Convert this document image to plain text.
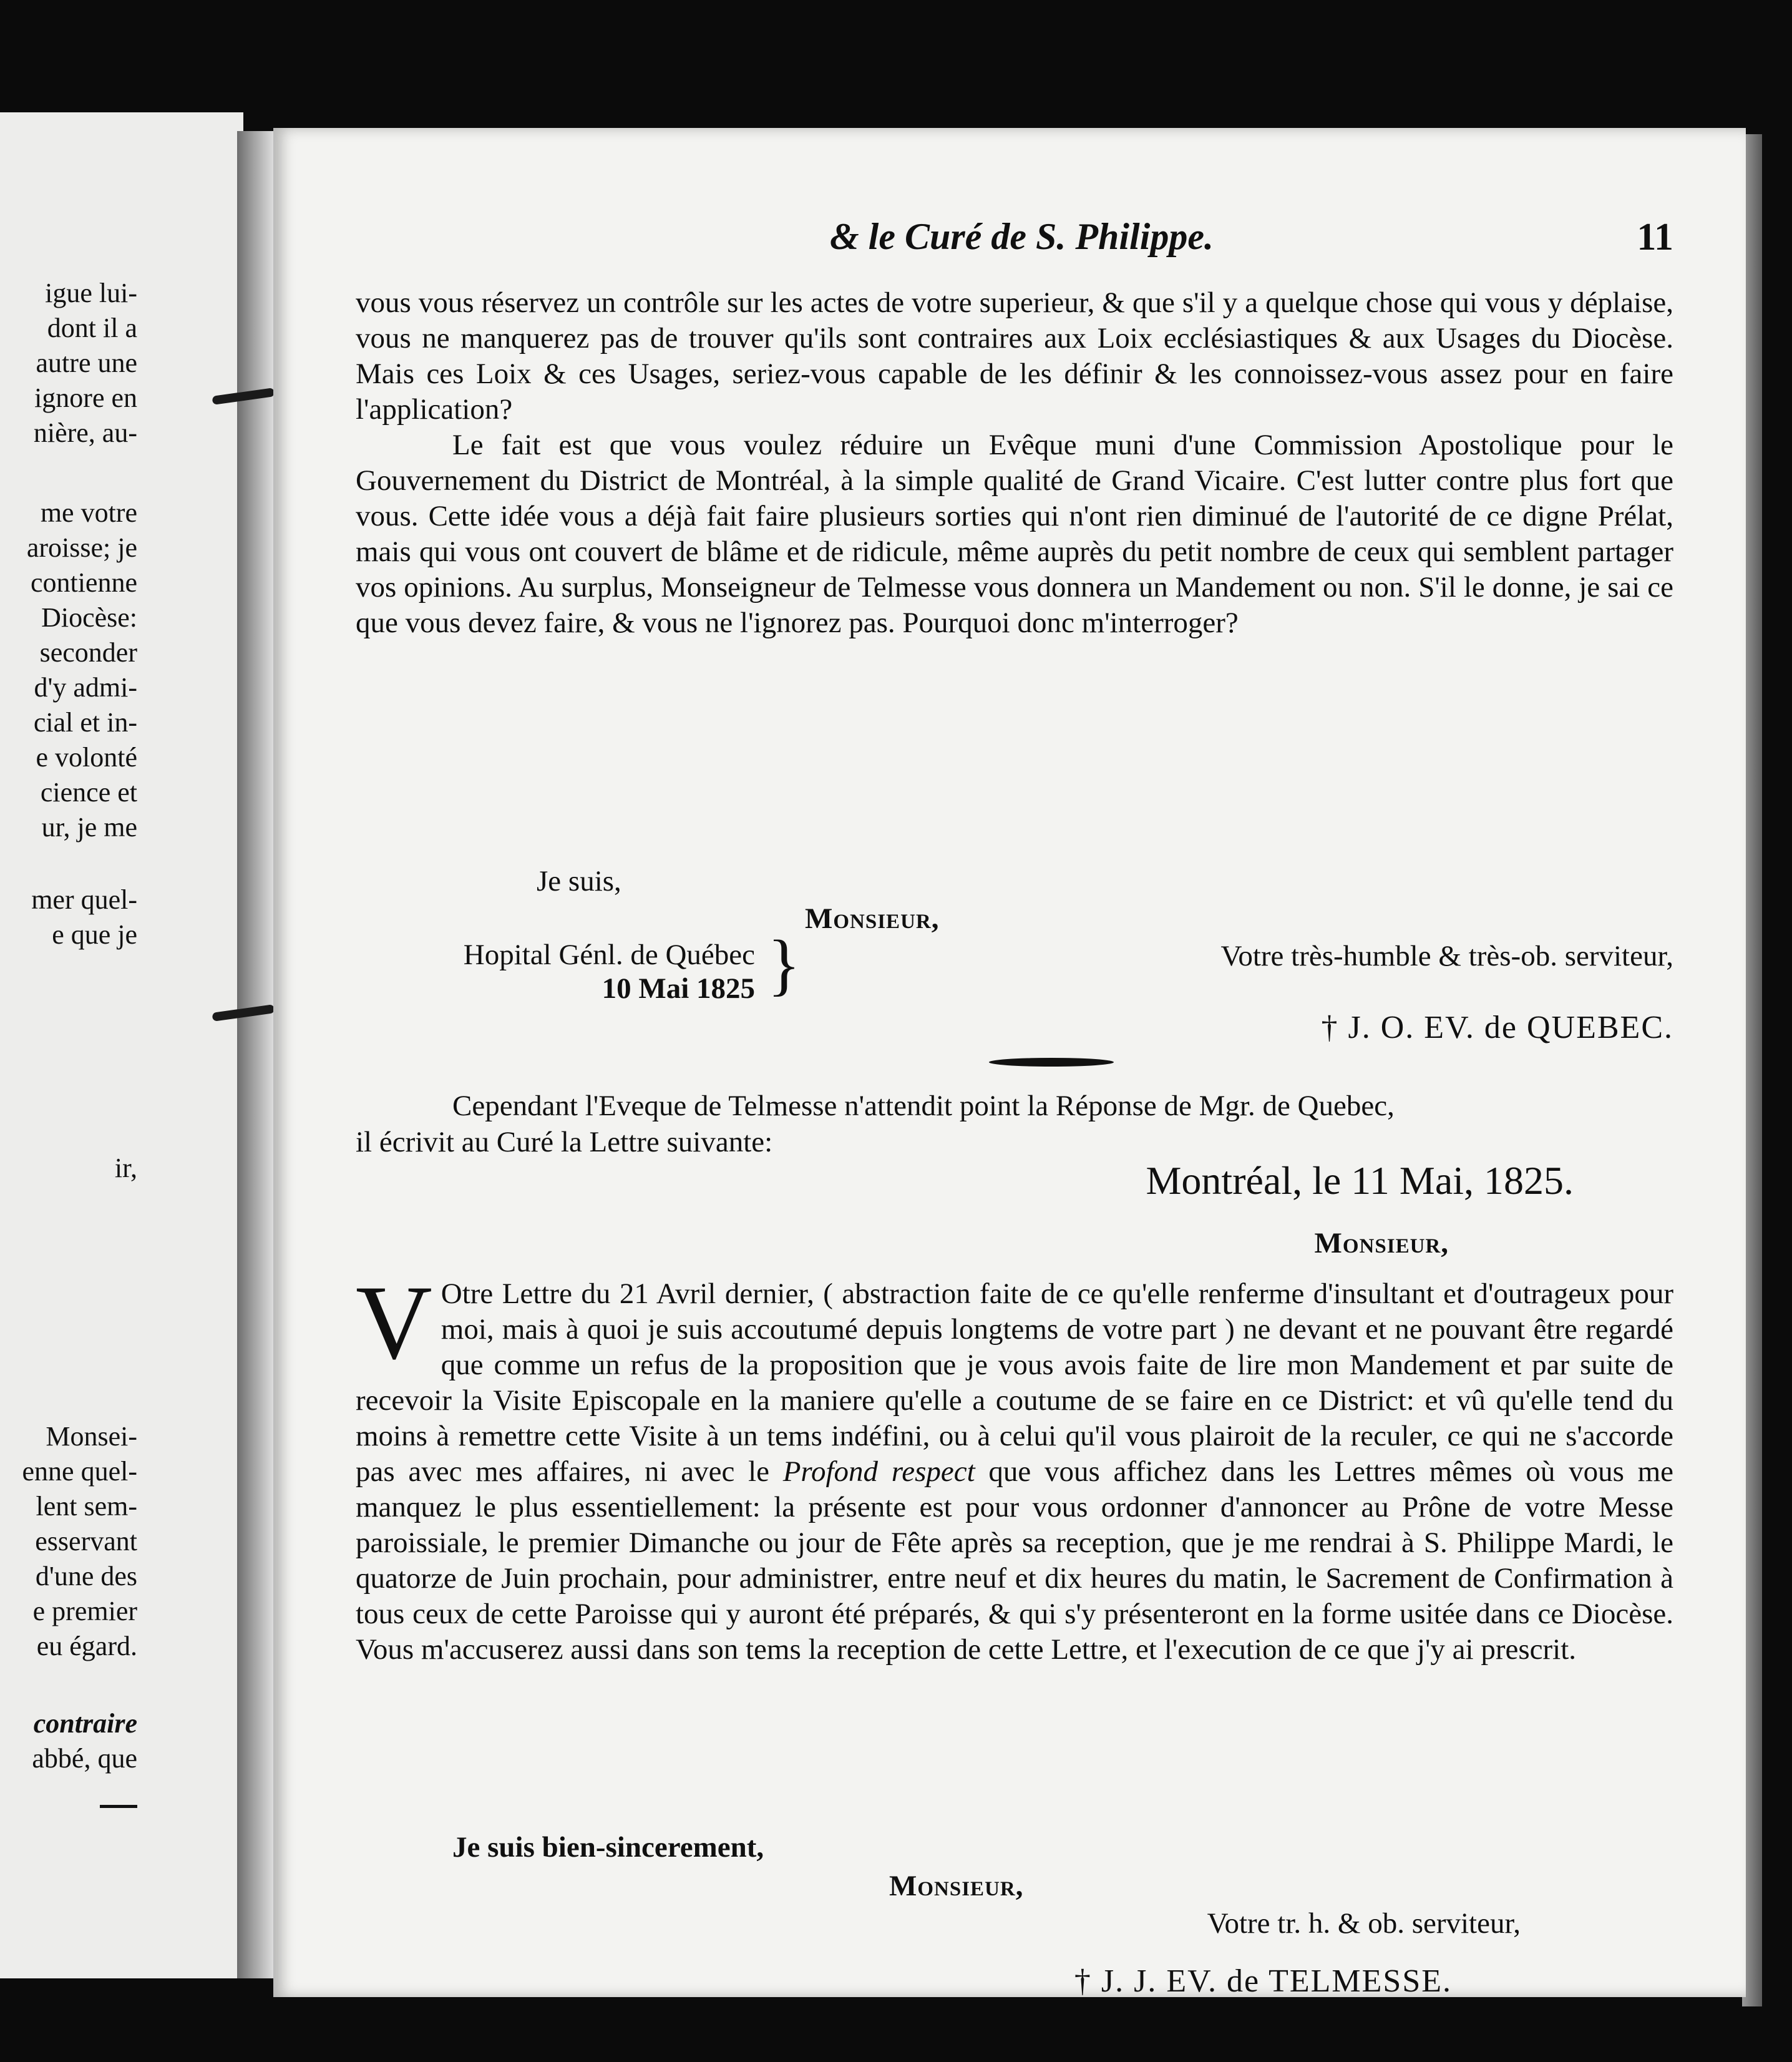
igue lui-
dont il a
autre une
ignore en
nière, au-
me votre
aroisse; je
contienne
Diocèse:
seconder
d'y admi-
cial et in-
e volonté
cience et
ur, je me
mer quel-
e que je
ir,
Monsei-
enne quel-
lent sem-
esservant
d'une des
e premier
eu égard.
contraire
abbé, que
& le Curé de S. Philippe.	11

vous vous réservez un contrôle sur les actes de votre superieur, & que s'il y a quelque chose qui vous y déplaise, vous ne manquerez pas de trouver qu'ils sont contraires aux Loix ecclésiastiques & aux Usages du Diocèse. Mais ces Loix & ces Usages, seriez-vous capable de les définir & les connoissez-vous assez pour en faire l'application?

Le fait est que vous voulez réduire un Evêque muni d'une Commission Apostolique pour le Gouvernement du District de Montréal, à la simple qualité de Grand Vicaire. C'est lutter contre plus fort que vous. Cette idée vous a déjà fait faire plusieurs sorties qui n'ont rien diminué de l'autorité de ce digne Prélat, mais qui vous ont couvert de blâme et de ridicule, même auprès du petit nombre de ceux qui semblent partager vos opinions. Au surplus, Monseigneur de Telmesse vous donnera un Mandement ou non. S'il le donne, je sai ce que vous devez faire, & vous ne l'ignorez pas. Pourquoi donc m'interroger?

Je suis,
Monsieur,
Hopital Génl. de Québec
10 Mai 1825 }	Votre très-humble & très-ob. serviteur,
† J. O. EV. de QUEBEC.
Cependant l'Eveque de Telmesse n'attendit point la Réponse de Mgr. de Quebec,
il écrivit au Curé la Lettre suivante:
Montréal, le 11 Mai, 1825.
Monsieur,

V Otre Lettre du 21 Avril dernier, ( abstraction faite de ce qu'elle renferme d'insultant et d'outrageux pour moi, mais à quoi je suis accoutumé depuis longtems de votre part ) ne devant et ne pouvant être regardé que comme un refus de la proposition que je vous avois faite de lire mon Mandement et par suite de recevoir la Visite Episcopale en la maniere qu'elle a coutume de se faire en ce District: et vû qu'elle tend du moins à remettre cette Visite à un tems indéfini, ou à celui qu'il vous plairoit de la reculer, ce qui ne s'accorde pas avec mes affaires, ni avec le Profond respect que vous affichez dans les Lettres mêmes où vous me manquez le plus essentiellement: la présente est pour vous ordonner d'annoncer au Prône de votre Messe paroissiale, le premier Dimanche ou jour de Fête après sa reception, que je me rendrai à S. Philippe Mardi, le quatorze de Juin prochain, pour administrer, entre neuf et dix heures du matin, le Sacrement de Confirmation à tous ceux de cette Paroisse qui y auront été préparés, & qui s'y présenteront en la forme usitée dans ce Diocèse. Vous m'accuserez aussi dans son tems la reception de cette Lettre, et l'execution de ce que j'y ai prescrit.

Je suis bien-sincerement,
Monsieur,
Votre tr. h. & ob. serviteur,
† J. J. EV. de TELMESSE.
